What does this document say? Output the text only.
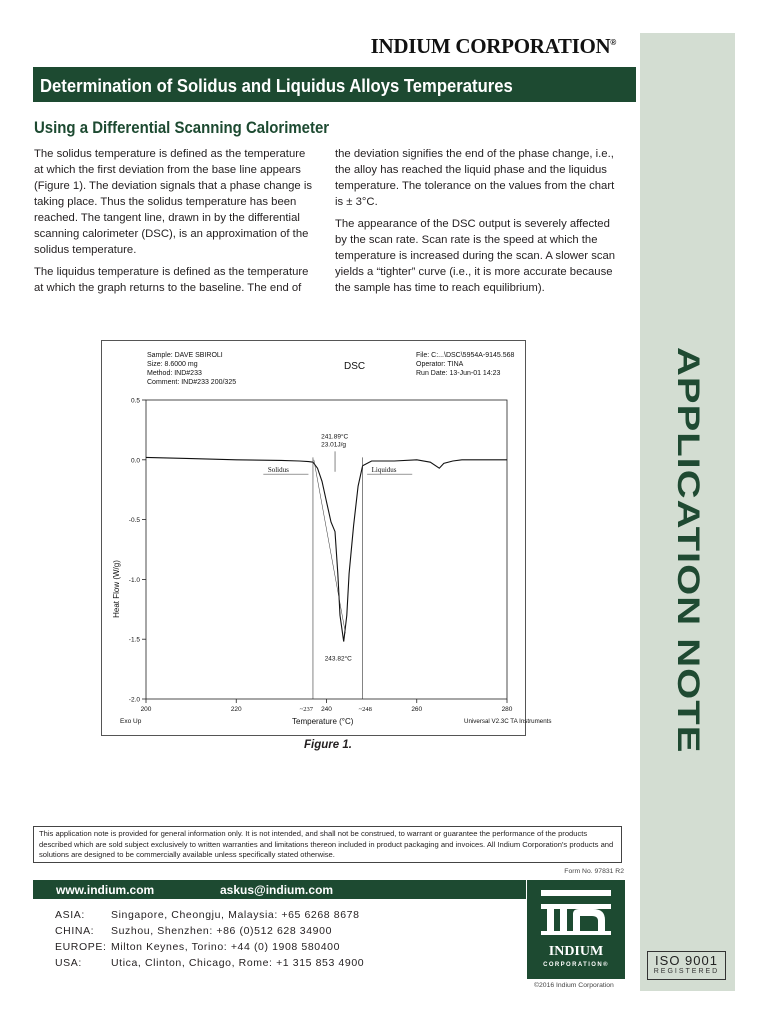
APPLICATION NOTE
INDIUM CORPORATION®
Determination of Solidus and Liquidus Alloys Temperatures
Using a Differential Scanning Calorimeter

The solidus temperature is defined as the temperature at which the first deviation from the base line appears (Figure 1). The deviation signals that a phase change is taking place. Thus the solidus temperature has been reached. The tangent line, drawn in by the differential scanning calorimeter (DSC), is an approximation of the solidus temperature.

The liquidus temperature is defined as the temperature at which the graph returns to the baseline. The end of

the deviation signifies the end of the phase change, i.e., the alloy has reached the liquid phase and the liquidus temperature. The tolerance on the values from the chart is ± 3°C.

The appearance of the DSC output is severely affected by the scan rate. Scan rate is the speed at which the temperature is increased during the scan. A slower scan yields a “tighter” curve (i.e., it is more accurate because the sample has time to reach equilibrium).

Sample: DAVE SBIROLI
Size: 8.6000 mg
Method: IND#233
Comment: IND#233 200/325
DSC
File: C:...\DSC\5954A-9145.568
Operator: TINA
Run Date: 13-Jun-01 14:23
Exo Up	Universal V2.3C TA Instruments
Temperature (°C)
Heat Flow (W/g)
0.5
0.0
-0.5
-1.0
-1.5
-2.0
200	220	240	260	280
241.89°C
23.01J/g
243.82°C
Solidus	Liquidus
~237	~248
Figure 1.
This application note is provided for general information only. It is not intended, and shall not be construed, to warrant or guarantee the performance of the products described which are sold subject exclusively to written warranties and limitations thereon included in product packaging and invoices. All Indium Corporation's products and solutions are designed to be commercially available unless specifically stated otherwise.
Form No. 97831 R2
www.indium.com	askus@indium.com
ASIA: Singapore, Cheongju, Malaysia: +65 6268 8678
CHINA: Suzhou, Shenzhen: +86 (0)512 628 34900
EUROPE: Milton Keynes, Torino: +44 (0) 1908 580400
USA:	Utica, Clinton, Chicago, Rome: +1 315 853 4900
INDIUM
CORPORATION®	ISO 9001
REGISTERED
©2016 Indium Corporation
